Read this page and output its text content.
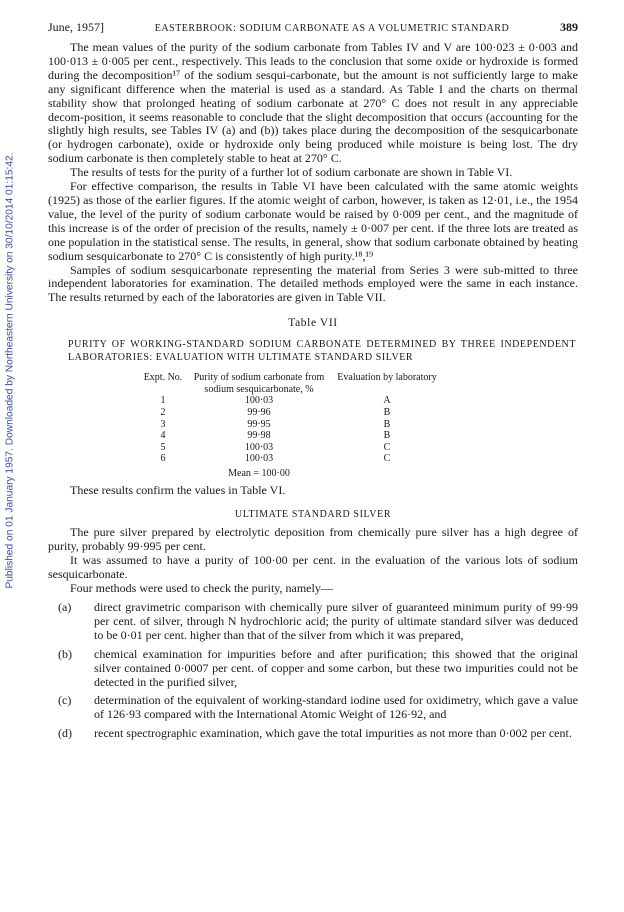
Published on 01 January 1957. Downloaded by Northeastern University on 30/10/2014 01:15:42.
June, 1957]	EASTERBROOK: SODIUM CARBONATE AS A VOLUMETRIC STANDARD	389

The mean values of the purity of the sodium carbonate from Tables IV and V are 100·023 ± 0·003 and 100·013 ± 0·005 per cent., respectively. This leads to the conclusion that some oxide or hydroxide is formed during the decomposition¹⁷ of the sodium sesqui-carbonate, but the amount is not sufficiently large to make any significant difference when the material is used as a standard. As Table I and the charts on thermal stability show that prolonged heating of sodium carbonate at 270° C does not result in any appreciable decom-position, it seems reasonable to conclude that the slight decomposition that occurs (accounting for the slightly high results, see Tables IV (a) and (b)) takes place during the decomposition of the sesquicarbonate (or hydrogen carbonate), oxide or hydroxide only being produced while moisture is being lost. The dry sodium carbonate is then completely stable to heat at 270° C.

The results of tests for the purity of a further lot of sodium carbonate are shown in Table VI.

For effective comparison, the results in Table VI have been calculated with the same atomic weights (1925) as those of the earlier figures. If the atomic weight of carbon, however, is taken as 12·01, i.e., the 1954 value, the level of the purity of sodium carbonate would be raised by 0·009 per cent., and the magnitude of this increase is of the order of precision of the results, namely ± 0·007 per cent. if the three lots are treated as one population in the statistical sense. The results, in general, show that sodium carbonate obtained by heating sodium sesquicarbonate to 270° C is consistently of high purity.¹⁸,¹⁹

Samples of sodium sesquicarbonate representing the material from Series 3 were sub-mitted to three independent laboratories for examination. The detailed methods employed were the same in each instance. The results returned by each of the laboratories are given in Table VII.

Table VII
PURITY OF WORKING-STANDARD SODIUM CARBONATE DETERMINED BY THREE INDEPENDENT LABORATORIES: EVALUATION WITH ULTIMATE STANDARD SILVER
Expt. No.	Purity of sodium carbonate from sodium sesquicarbonate, %	Evaluation by laboratory
1	100·03	A
2	99·96	B
3	99·95	B
4	99·98	B
5	100·03	C
6	100·03	C
	Mean = 100·00	

These results confirm the values in Table VI.

ULTIMATE STANDARD SILVER

The pure silver prepared by electrolytic deposition from chemically pure silver has a high degree of purity, probably 99·995 per cent.

It was assumed to have a purity of 100·00 per cent. in the evaluation of the various lots of sodium sesquicarbonate.

Four methods were used to check the purity, namely—

(a)	direct gravimetric comparison with chemically pure silver of guaranteed minimum purity of 99·99 per cent. of silver, through N hydrochloric acid; the purity of ultimate standard silver was deduced to be 0·01 per cent. higher than that of the silver from which it was prepared,
(b)	chemical examination for impurities before and after purification; this showed that the original silver contained 0·0007 per cent. of copper and some carbon, but these two impurities could not be detected in the purified silver,
(c)	determination of the equivalent of working-standard iodine used for oxidimetry, which gave a value of 126·93 compared with the International Atomic Weight of 126·92, and
(d)	recent spectrographic examination, which gave the total impurities as not more than 0·002 per cent.
